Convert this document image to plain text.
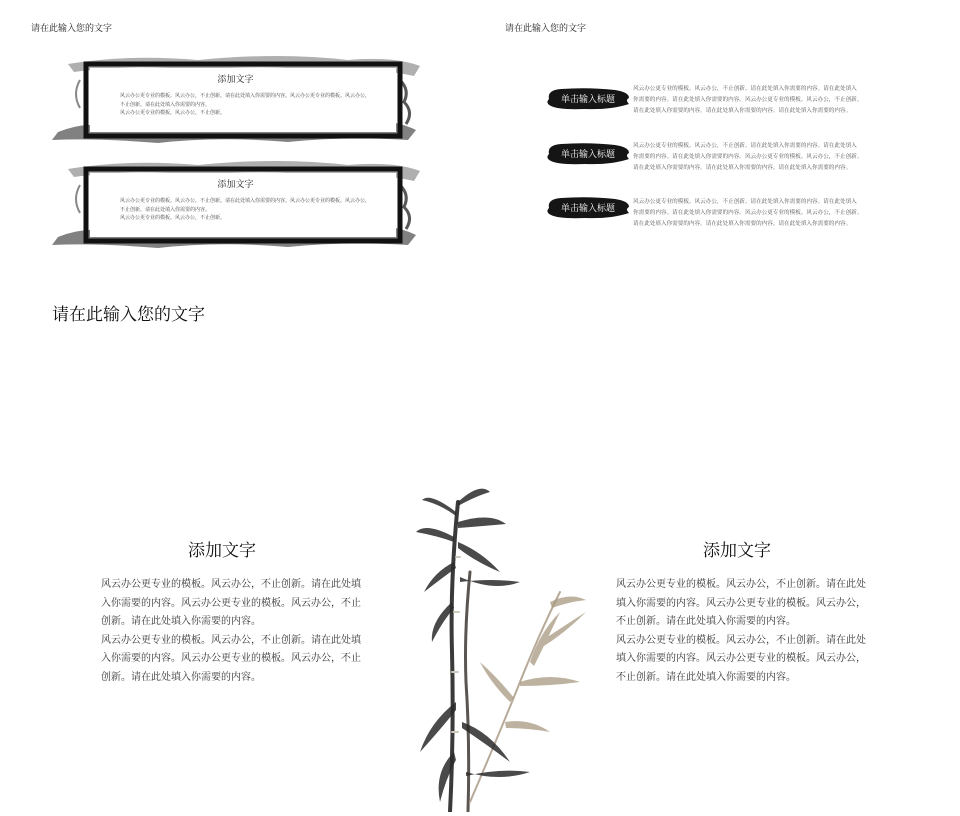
请在此输入您的文字
添加文字
风云办公更专业的模板。风云办公，不止创新。请在此处填入你需要的内容。风云办公更专业的模板。风云办公，
不止创新。请在此处填入你需要的内容。
风云办公更专业的模板。风云办公，不止创新。
添加文字
风云办公更专业的模板。风云办公，不止创新。请在此处填入你需要的内容。风云办公更专业的模板。风云办公，
不止创新。请在此处填入你需要的内容。
风云办公更专业的模板。风云办公，不止创新。
请在此输入您的文字
单击输入标题
风云办公更专业的模板。风云办公，不止创新。请在此处填入你需要的内容。请在此处填入
你需要的内容。请在此处填入你需要的内容。风云办公更专业的模板。风云办公，不止创新。
请在此处填入你需要的内容。请在此处填入你需要的内容。请在此处填入你需要的内容。
单击输入标题
风云办公更专业的模板。风云办公，不止创新。请在此处填入你需要的内容。请在此处填入
你需要的内容。请在此处填入你需要的内容。风云办公更专业的模板。风云办公，不止创新。
请在此处填入你需要的内容。请在此处填入你需要的内容。请在此处填入你需要的内容。
单击输入标题
风云办公更专业的模板。风云办公，不止创新。请在此处填入你需要的内容。请在此处填入
你需要的内容。请在此处填入你需要的内容。风云办公更专业的模板。风云办公，不止创新。
请在此处填入你需要的内容。请在此处填入你需要的内容。请在此处填入你需要的内容。
请在此输入您的文字
添加文字
风云办公更专业的模板。风云办公，不止创新。请在此处填
入你需要的内容。风云办公更专业的模板。风云办公，不止
创新。请在此处填入你需要的内容。
风云办公更专业的模板。风云办公，不止创新。请在此处填
入你需要的内容。风云办公更专业的模板。风云办公，不止
创新。请在此处填入你需要的内容。
添加文字
风云办公更专业的模板。风云办公，不止创新。请在此处
填入你需要的内容。风云办公更专业的模板。风云办公，
不止创新。请在此处填入你需要的内容。
风云办公更专业的模板。风云办公，不止创新。请在此处
填入你需要的内容。风云办公更专业的模板。风云办公，
不止创新。请在此处填入你需要的内容。
